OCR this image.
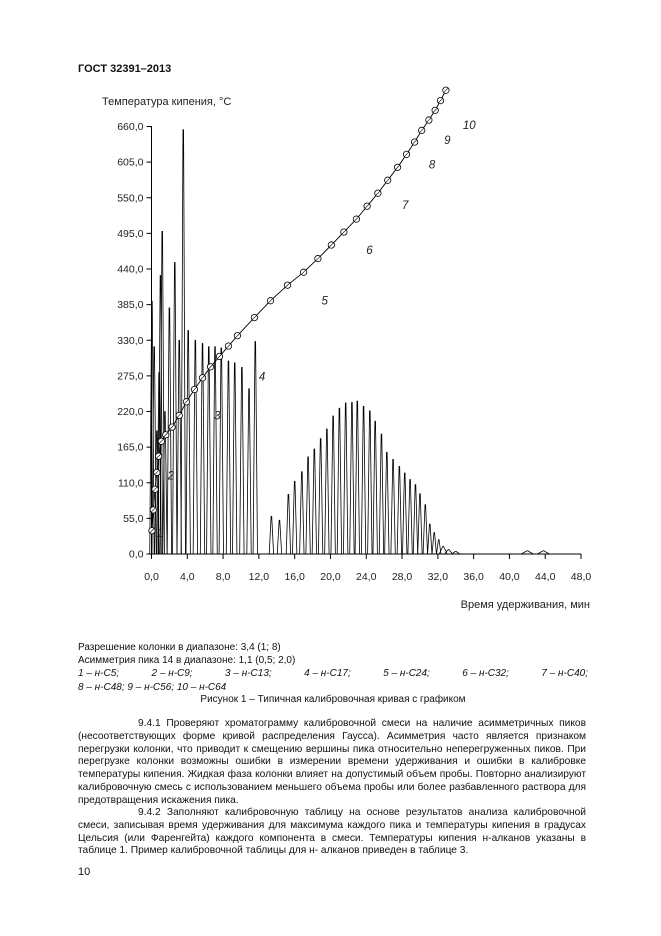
ГОСТ 32391–2013
Температура кипения, °С
Время удерживания, мин
0,0
55,0
110,0
165,0
220,0
275,0
330,0
385,0
440,0
495,0
550,0
605,0
660,0
0,0 4,0 8,0 12,0 16,0 20,0 24,0 28,0 32,0 36,0 40,0 44,0 48,0
1
2
3
4
5
6
7
8
9
10
Разрешение колонки в диапазоне: 3,4 (1; 8)
Асимметрия пика 14 в диапазоне: 1,1 (0,5; 2,0)
1 – н-С5;	2 – н-С9;	3 – н-С13;	4 – н-С17;	5 – н-С24;	6 – н-С32;	7 – н-С40;
8 – н-С48; 9 – н-С56; 10 – н-С64
Рисунок 1 – Типичная калибровочная кривая с графиком
9.4.1 Проверяют хроматограмму калибровочной смеси на наличие асимметричных пиков (несоответствующих форме кривой распределения Гаусса). Асимметрия часто является признаком перегрузки колонки, что приводит к смещению вершины пика относительно неперегруженных пиков. При перегрузке колонки возможны ошибки в измерении времени удерживания и ошибки в калибровке температуры кипения. Жидкая фаза колонки влияет на допустимый объем пробы. Повторно анализируют калибровочную смесь с использованием меньшего объема пробы или более разбавленного раствора для предотвращения искажения пика.
9.4.2 Заполняют калибровочную таблицу на основе результатов анализа калибровочной смеси, записывая время удерживания для максимума каждого пика и температуры кипения в градусах Цельсия (или Фаренгейта) каждого компонента в смеси. Температуры кипения н-алканов указаны в таблице 1. Пример калибровочной таблицы для н- алканов приведен в таблице 3.
10
